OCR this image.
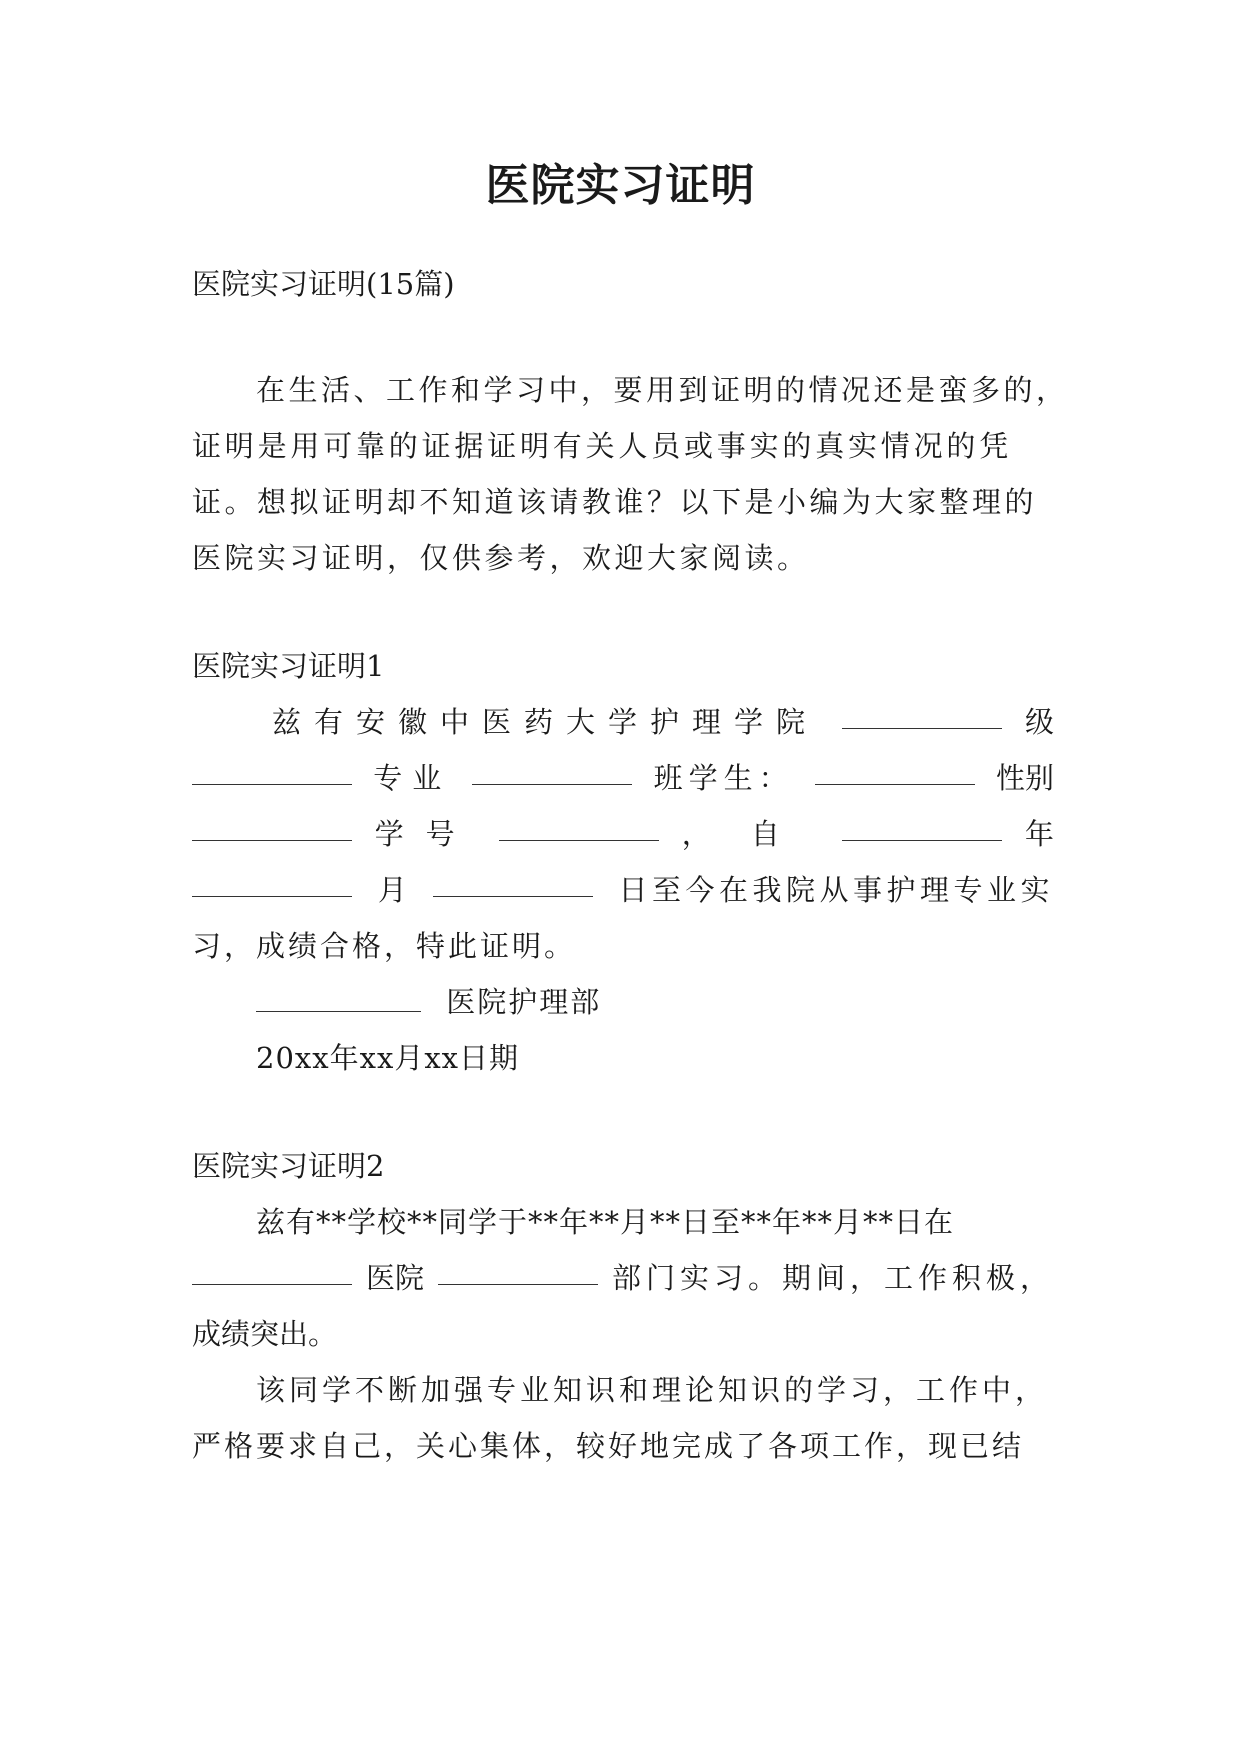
医院实习证明
医院实习证明(15篇)
在生活、工作和学习中，要用到证明的情况还是蛮多的，
证明是用可靠的证据证明有关人员或事实的真实情况的凭
证。想拟证明却不知道该请教谁？以下是小编为大家整理的
医院实习证明，仅供参考，欢迎大家阅读。
医院实习证明1
兹有安徽中医药大学护理学院	级
专业	班学生：	性别
学号	，自	年
月	日至今在我院从事护理专业实
习，成绩合格，特此证明。
医院护理部
20xx年xx月xx日期
医院实习证明2
兹有**学校**同学于**年**月**日至**年**月**日在
医院	部门实习。期间，工作积极，
成绩突出。
该同学不断加强专业知识和理论知识的学习，工作中，
严格要求自己，关心集体，较好地完成了各项工作，现已结
